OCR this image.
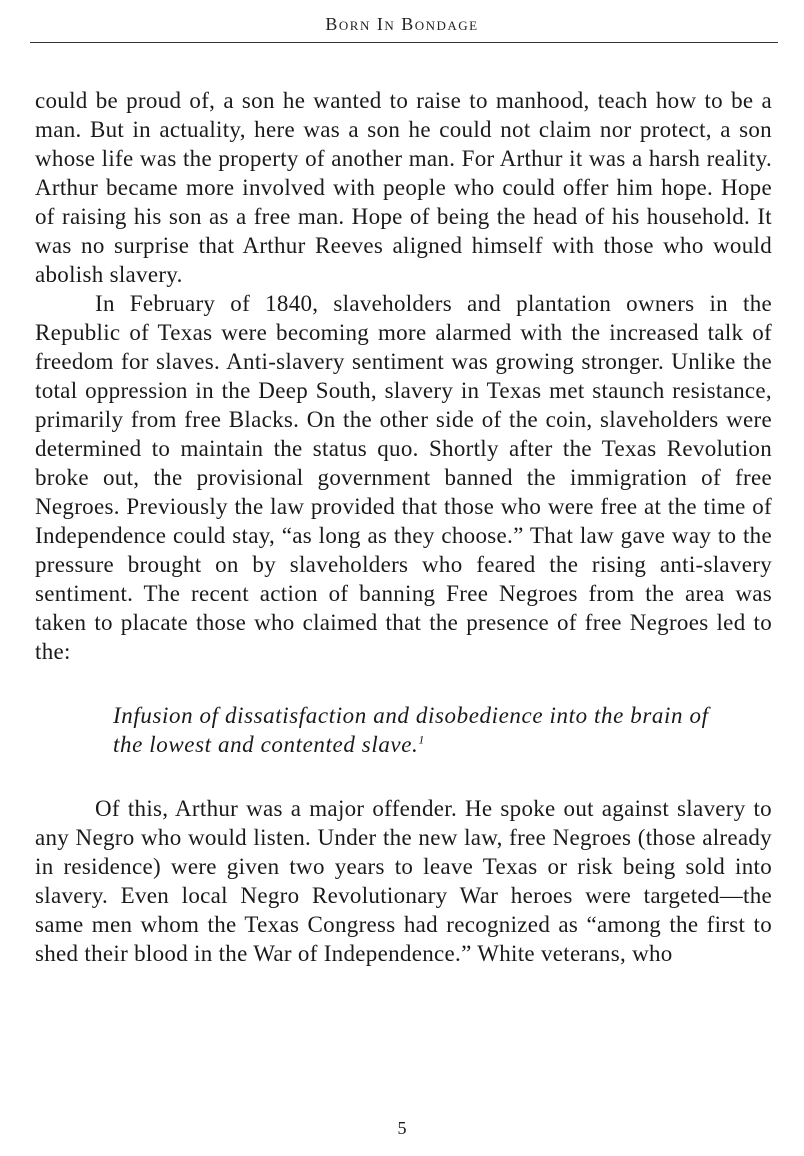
Born In Bondage

could be proud of, a son he wanted to raise to manhood, teach how to be a man. But in actuality, here was a son he could not claim nor protect, a son whose life was the property of another man. For Arthur it was a harsh reality. Arthur became more involved with people who could offer him hope. Hope of raising his son as a free man. Hope of being the head of his household. It was no surprise that Arthur Reeves aligned himself with those who would abolish slavery.

In February of 1840, slaveholders and plantation owners in the Republic of Texas were becoming more alarmed with the increased talk of freedom for slaves. Anti-slavery sentiment was growing stronger. Unlike the total oppression in the Deep South, slavery in Texas met staunch resistance, primarily from free Blacks. On the other side of the coin, slaveholders were determined to maintain the status quo. Shortly after the Texas Revolution broke out, the provisional government banned the immigration of free Negroes. Previously the law provided that those who were free at the time of Independence could stay, “as long as they choose.” That law gave way to the pressure brought on by slaveholders who feared the rising anti-slavery sentiment. The recent action of banning Free Negroes from the area was taken to placate those who claimed that the presence of free Negroes led to the:

Infusion of dissatisfaction and disobedience into the brain of the lowest and contented slave.$^1$

Of this, Arthur was a major offender. He spoke out against slavery to any Negro who would listen. Under the new law, free Negroes (those already in residence) were given two years to leave Texas or risk being sold into slavery. Even local Negro Revolutionary War heroes were targeted—the same men whom the Texas Congress had recognized as “among the first to shed their blood in the War of Independence.” White veterans, who

5
